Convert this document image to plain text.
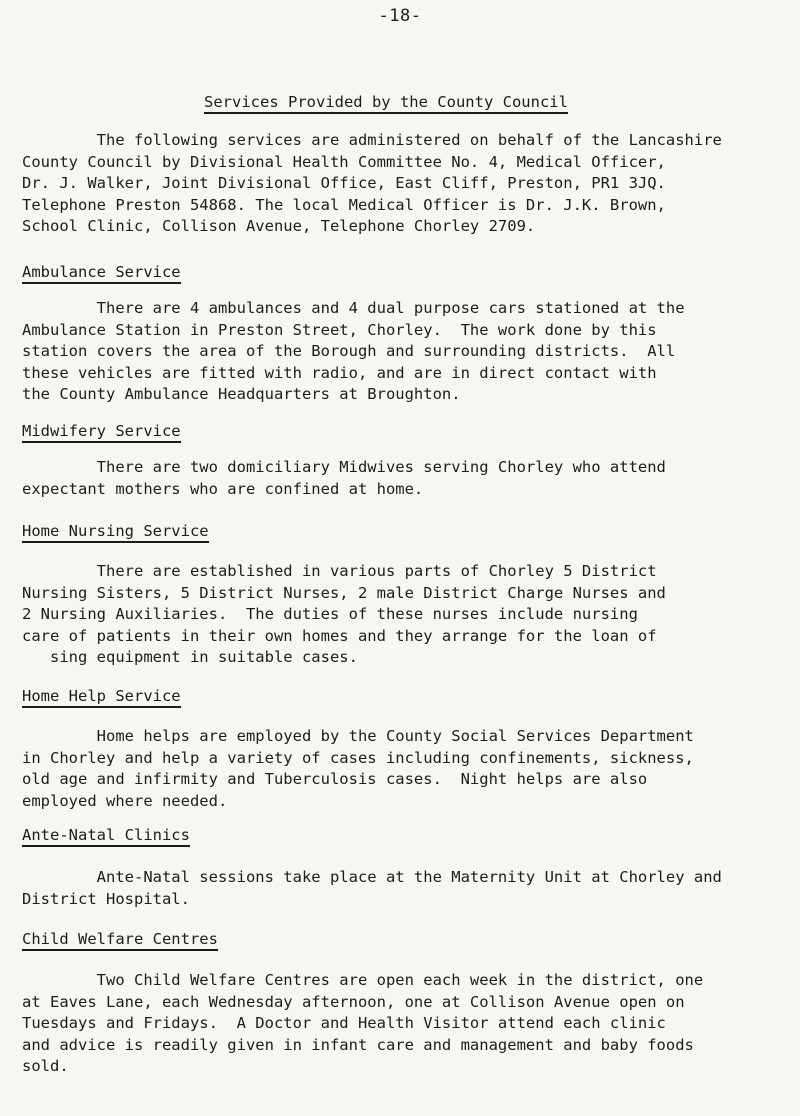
-18-
Services Provided by the County Council
The following services are administered on behalf of the Lancashire
County Council by Divisional Health Committee No. 4, Medical Officer,
Dr. J. Walker, Joint Divisional Office, East Cliff, Preston, PR1 3JQ.
Telephone Preston 54868. The local Medical Officer is Dr. J.K. Brown,
School Clinic, Collison Avenue, Telephone Chorley 2709.
Ambulance Service
There are 4 ambulances and 4 dual purpose cars stationed at the
Ambulance Station in Preston Street, Chorley.  The work done by this
station covers the area of the Borough and surrounding districts.  All
these vehicles are fitted with radio, and are in direct contact with
the County Ambulance Headquarters at Broughton.
Midwifery Service
There are two domiciliary Midwives serving Chorley who attend
expectant mothers who are confined at home.
Home Nursing Service
There are established in various parts of Chorley 5 District
Nursing Sisters, 5 District Nurses, 2 male District Charge Nurses and
2 Nursing Auxiliaries.  The duties of these nurses include nursing
care of patients in their own homes and they arrange for the loan of
sing equipment in suitable cases.
Home Help Service
Home helps are employed by the County Social Services Department
in Chorley and help a variety of cases including confinements, sickness,
old age and infirmity and Tuberculosis cases.  Night helps are also
employed where needed.
Ante-Natal Clinics
Ante-Natal sessions take place at the Maternity Unit at Chorley and
District Hospital.
Child Welfare Centres
Two Child Welfare Centres are open each week in the district, one
at Eaves Lane, each Wednesday afternoon, one at Collison Avenue open on
Tuesdays and Fridays.  A Doctor and Health Visitor attend each clinic
and advice is readily given in infant care and management and baby foods
sold.
